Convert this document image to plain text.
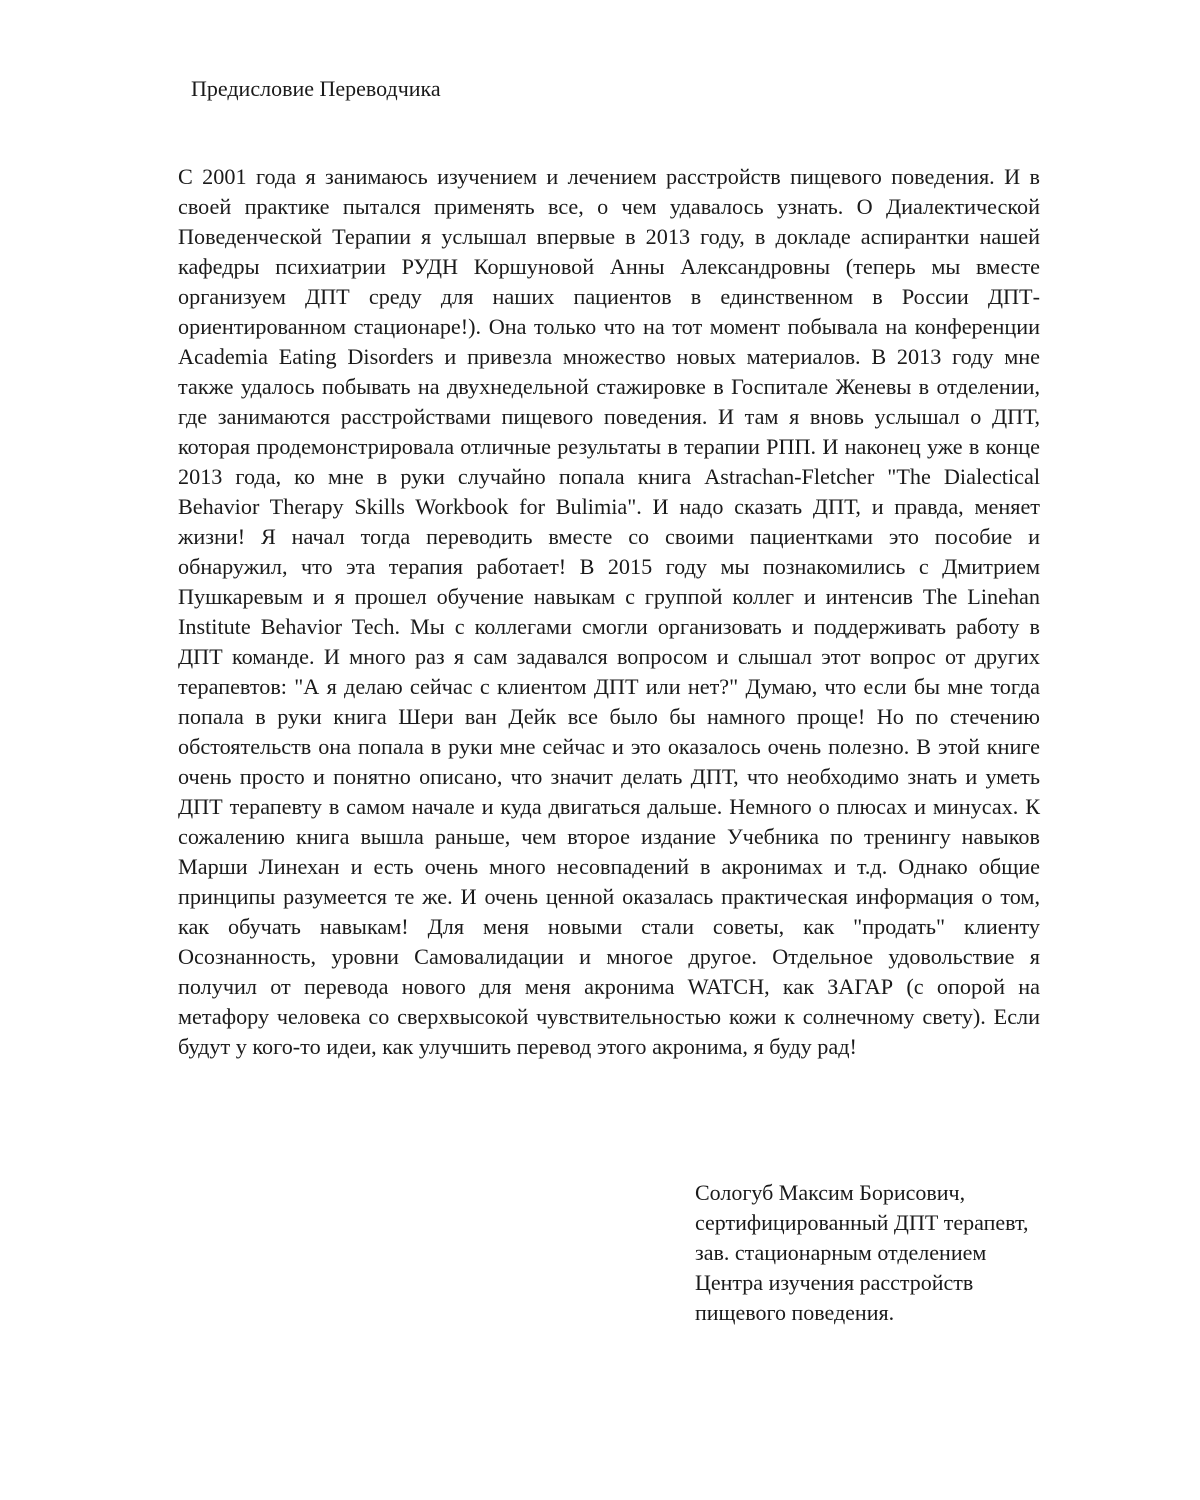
Предисловие Переводчика

С 2001 года я занимаюсь изучением и лечением расстройств пищевого поведения. И в своей практике пытался применять все, о чем удавалось узнать. О Диалектической Поведенческой Терапии я услышал впервые в 2013 году, в докладе аспирантки нашей кафедры психиатрии РУДН Коршуновой Анны Александровны (теперь мы вместе организуем ДПТ среду для наших пациентов в единственном в России ДПТ-ориентированном стационаре!). Она только что на тот момент побывала на конференции Academia Eating Disorders и привезла множество новых материалов. В 2013 году мне также удалось побывать на двухнедельной стажировке в Госпитале Женевы в отделении, где занимаются расстройствами пищевого поведения. И там я вновь услышал о ДПТ, которая продемонстрировала отличные результаты в терапии РПП. И наконец уже в конце 2013 года, ко мне в руки случайно попала книга Astrachan-Fletcher "The Dialectical Behavior Therapy Skills Workbook for Bulimia". И надо сказать ДПТ, и правда, меняет жизни! Я начал тогда переводить вместе со своими пациентками это пособие и обнаружил, что эта терапия работает! В 2015 году мы познакомились с Дмитрием Пушкаревым и я прошел обучение навыкам с группой коллег и интенсив The Linehan Institute Behavior Tech. Мы с коллегами смогли организовать и поддерживать работу в ДПТ команде. И много раз я сам задавался вопросом и слышал этот вопрос от других терапевтов: "А я делаю сейчас с клиентом ДПТ или нет?" Думаю, что если бы мне тогда попала в руки книга Шери ван Дейк все было бы намного проще! Но по стечению обстоятельств она попала в руки мне сейчас и это оказалось очень полезно. В этой книге очень просто и понятно описано, что значит делать ДПТ, что необходимо знать и уметь ДПТ терапевту в самом начале и куда двигаться дальше. Немного о плюсах и минусах. К сожалению книга вышла раньше, чем второе издание Учебника по тренингу навыков Марши Линехан и есть очень много несовпадений в акронимах и т.д. Однако общие принципы разумеется те же. И очень ценной оказалась практическая информация о том, как обучать навыкам! Для меня новыми стали советы, как "продать" клиенту Осознанность, уровни Самовалидации и многое другое. Отдельное удовольствие я получил от перевода нового для меня акронима WATCH, как ЗАГАР (с опорой на метафору человека со сверхвысокой чувствительностью кожи к солнечному свету). Если будут у кого-то идеи, как улучшить перевод этого акронима, я буду рад!

Сологуб Максим Борисович,
сертифицированный ДПТ терапевт,
зав. стационарным отделением
Центра изучения расстройств
пищевого поведения.
